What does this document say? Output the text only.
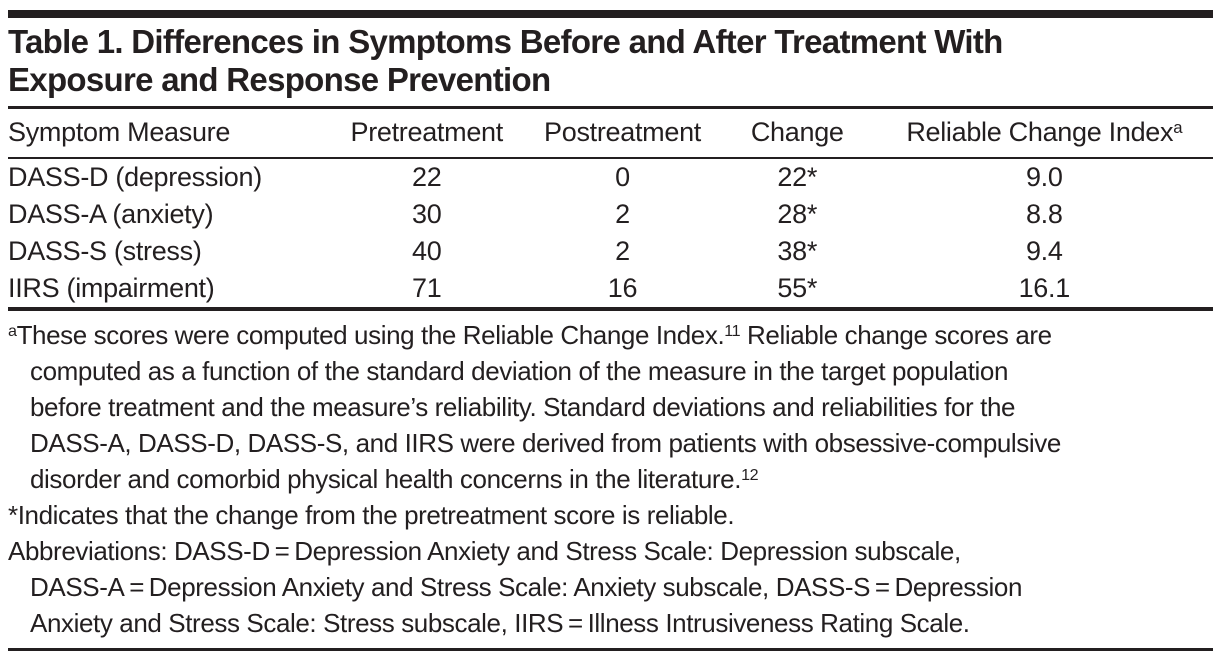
Table 1. Differences in Symptoms Before and After Treatment With
Exposure and Response Prevention
Symptom Measure	Pretreatment	Postreatment	Change	Reliable Change Index$^a$
DASS-D (depression)	22	0	22*	9.0
DASS-A (anxiety)	30	2	28*	8.8
DASS-S (stress)	40	2	38*	9.4
IIRS (impairment)	71	16	55*	16.1
$^a$These scores were computed using the Reliable Change Index.$^{11}$ Reliable change scores are
computed as a function of the standard deviation of the measure in the target population
before treatment and the measure’s reliability. Standard deviations and reliabilities for the
DASS-A, DASS-D, DASS-S, and IIRS were derived from patients with obsessive-compulsive
disorder and comorbid physical health concerns in the literature.$^{12}$
*Indicates that the change from the pretreatment score is reliable.
Abbreviations: DASS-D = Depression Anxiety and Stress Scale: Depression subscale,
DASS-A = Depression Anxiety and Stress Scale: Anxiety subscale, DASS-S = Depression
Anxiety and Stress Scale: Stress subscale, IIRS = Illness Intrusiveness Rating Scale.
